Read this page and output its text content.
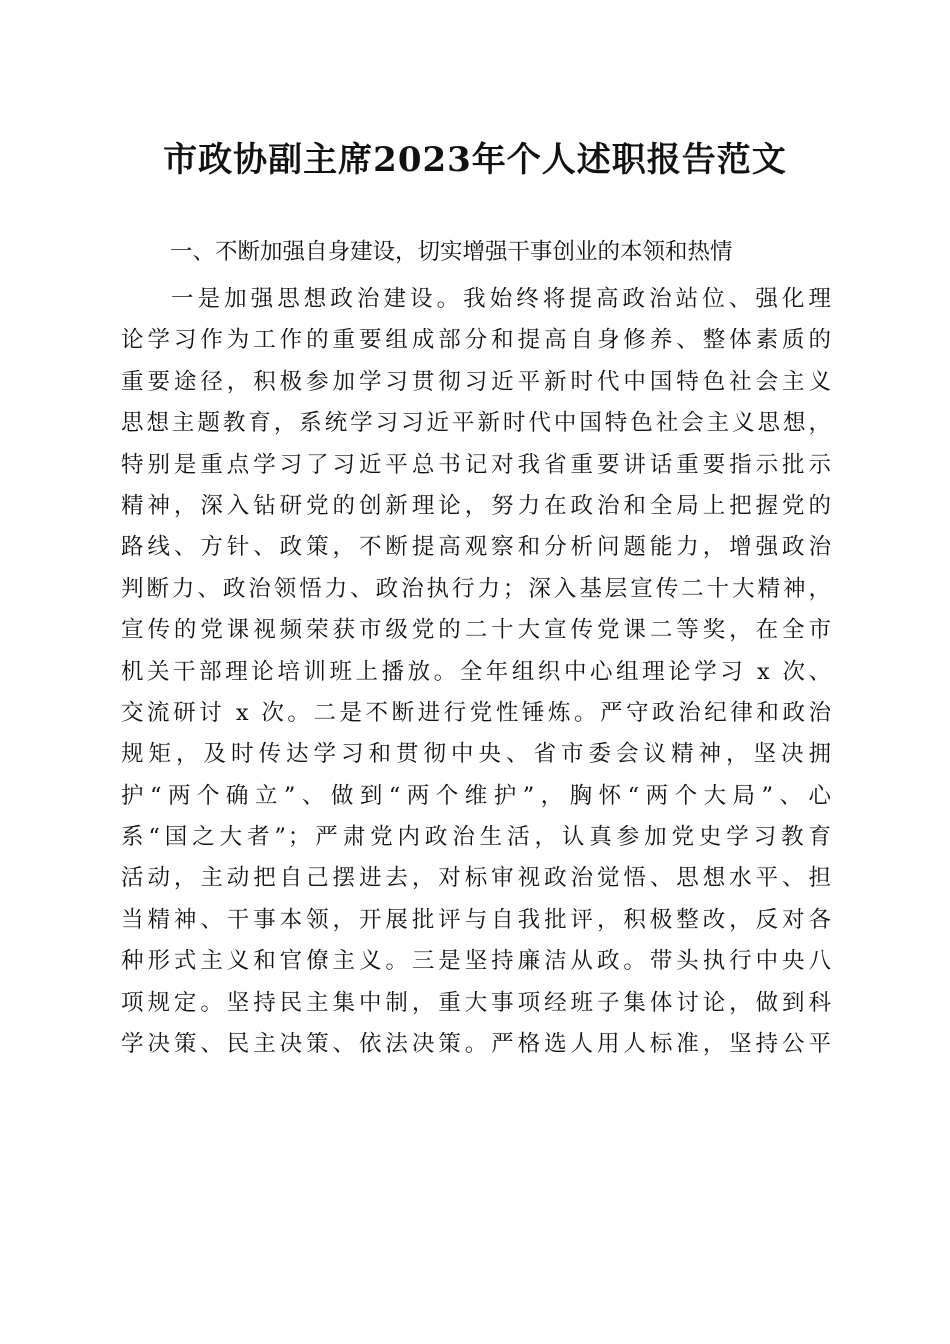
市政协副主席2023年个人述职报告范文
一、不断加强自身建设，切实增强干事创业的本领和热情
一是加强思想政治建设。我始终将提高政治站位、强化理
论学习作为工作的重要组成部分和提高自身修养、整体素质的
重要途径，积极参加学习贯彻习近平新时代中国特色社会主义
思想主题教育，系统学习习近平新时代中国特色社会主义思想，
特别是重点学习了习近平总书记对我省重要讲话重要指示批示
精神，深入钻研党的创新理论，努力在政治和全局上把握党的
路线、方针、政策，不断提高观察和分析问题能力，增强政治
判断力、政治领悟力、政治执行力；深入基层宣传二十大精神，
宣传的党课视频荣获市级党的二十大宣传党课二等奖，在全市
机关干部理论培训班上播放。全年组织中心组理论学习 x 次、
交流研讨 x 次。二是不断进行党性锤炼。严守政治纪律和政治
规矩，及时传达学习和贯彻中央、省市委会议精神，坚决拥
护“两个确立”、做到“两个维护”，胸怀“两个大局”、心
系“国之大者”；严肃党内政治生活，认真参加党史学习教育
活动，主动把自己摆进去，对标审视政治觉悟、思想水平、担
当精神、干事本领，开展批评与自我批评，积极整改，反对各
种形式主义和官僚主义。三是坚持廉洁从政。带头执行中央八
项规定。坚持民主集中制，重大事项经班子集体讨论，做到科
学决策、民主决策、依法决策。严格选人用人标准，坚持公平
